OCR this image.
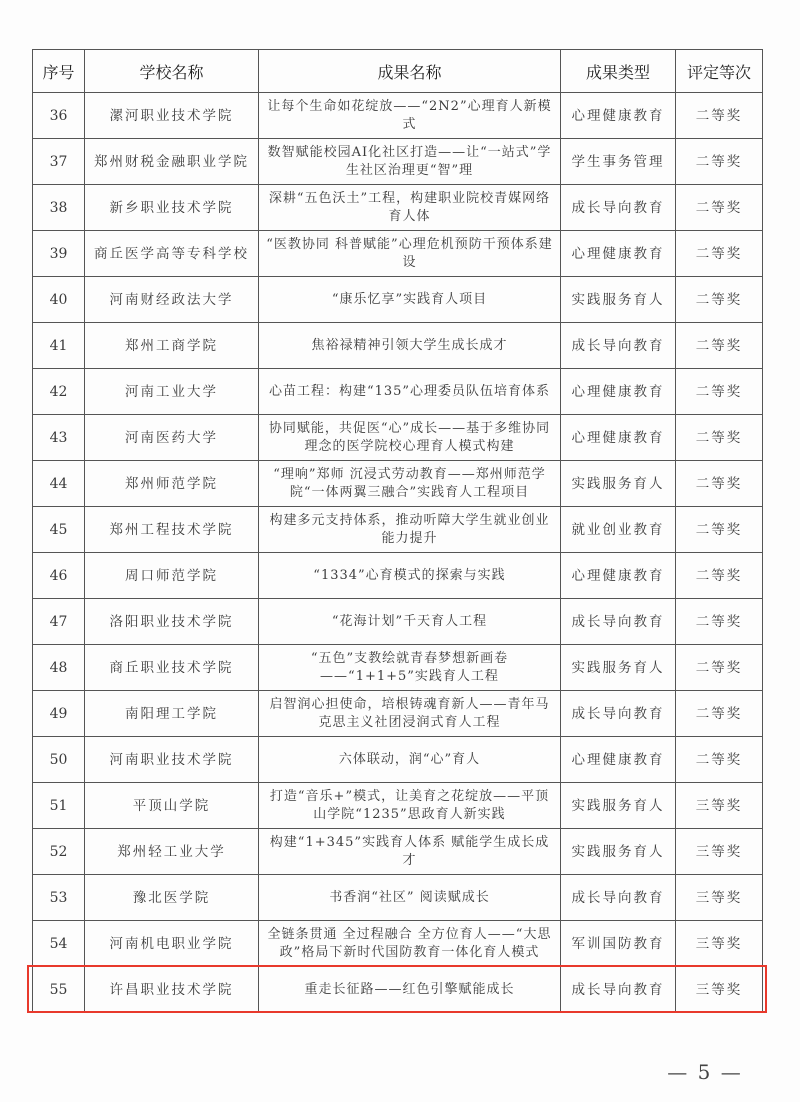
序号	学校名称	成果名称	成果类型	评定等次
36	漯河职业技术学院	让每个生命如花绽放——“2N2”心理育人新模式	心理健康教育	二等奖
37	郑州财税金融职业学院	数智赋能校园AI化社区打造——让“一站式”学生社区治理更“智”理	学生事务管理	二等奖
38	新乡职业技术学院	深耕“五色沃土”工程，构建职业院校青媒网络育人体	成长导向教育	二等奖
39	商丘医学高等专科学校	“医教协同 科普赋能”心理危机预防干预体系建设	心理健康教育	二等奖
40	河南财经政法大学	“康乐忆享”实践育人项目	实践服务育人	二等奖
41	郑州工商学院	焦裕禄精神引领大学生成长成才	成长导向教育	二等奖
42	河南工业大学	心苗工程：构建“135”心理委员队伍培育体系	心理健康教育	二等奖
43	河南医药大学	协同赋能，共促医“心”成长——基于多维协同理念的医学院校心理育人模式构建	心理健康教育	二等奖
44	郑州师范学院	“理响”郑师 沉浸式劳动教育——郑州师范学院“一体两翼三融合”实践育人工程项目	实践服务育人	二等奖
45	郑州工程技术学院	构建多元支持体系，推动听障大学生就业创业能力提升	就业创业教育	二等奖
46	周口师范学院	“1334”心育模式的探索与实践	心理健康教育	二等奖
47	洛阳职业技术学院	“花海计划”千天育人工程	成长导向教育	二等奖
48	商丘职业技术学院	“五色”支教绘就青春梦想新画卷——“1+1+5”实践育人工程	实践服务育人	二等奖
49	南阳理工学院	启智润心担使命，培根铸魂育新人——青年马克思主义社团浸润式育人工程	成长导向教育	二等奖
50	河南职业技术学院	六体联动，润“心”育人	心理健康教育	二等奖
51	平顶山学院	打造“音乐+”模式，让美育之花绽放——平顶山学院“1235”思政育人新实践	实践服务育人	三等奖
52	郑州轻工业大学	构建“1+345”实践育人体系 赋能学生成长成才	实践服务育人	三等奖
53	豫北医学院	书香润“社区” 阅读赋成长	成长导向教育	三等奖
54	河南机电职业学院	全链条贯通 全过程融合 全方位育人——“大思政”格局下新时代国防教育一体化育人模式	军训国防教育	三等奖
55	许昌职业技术学院	重走长征路——红色引擎赋能成长	成长导向教育	三等奖
— 5 —
